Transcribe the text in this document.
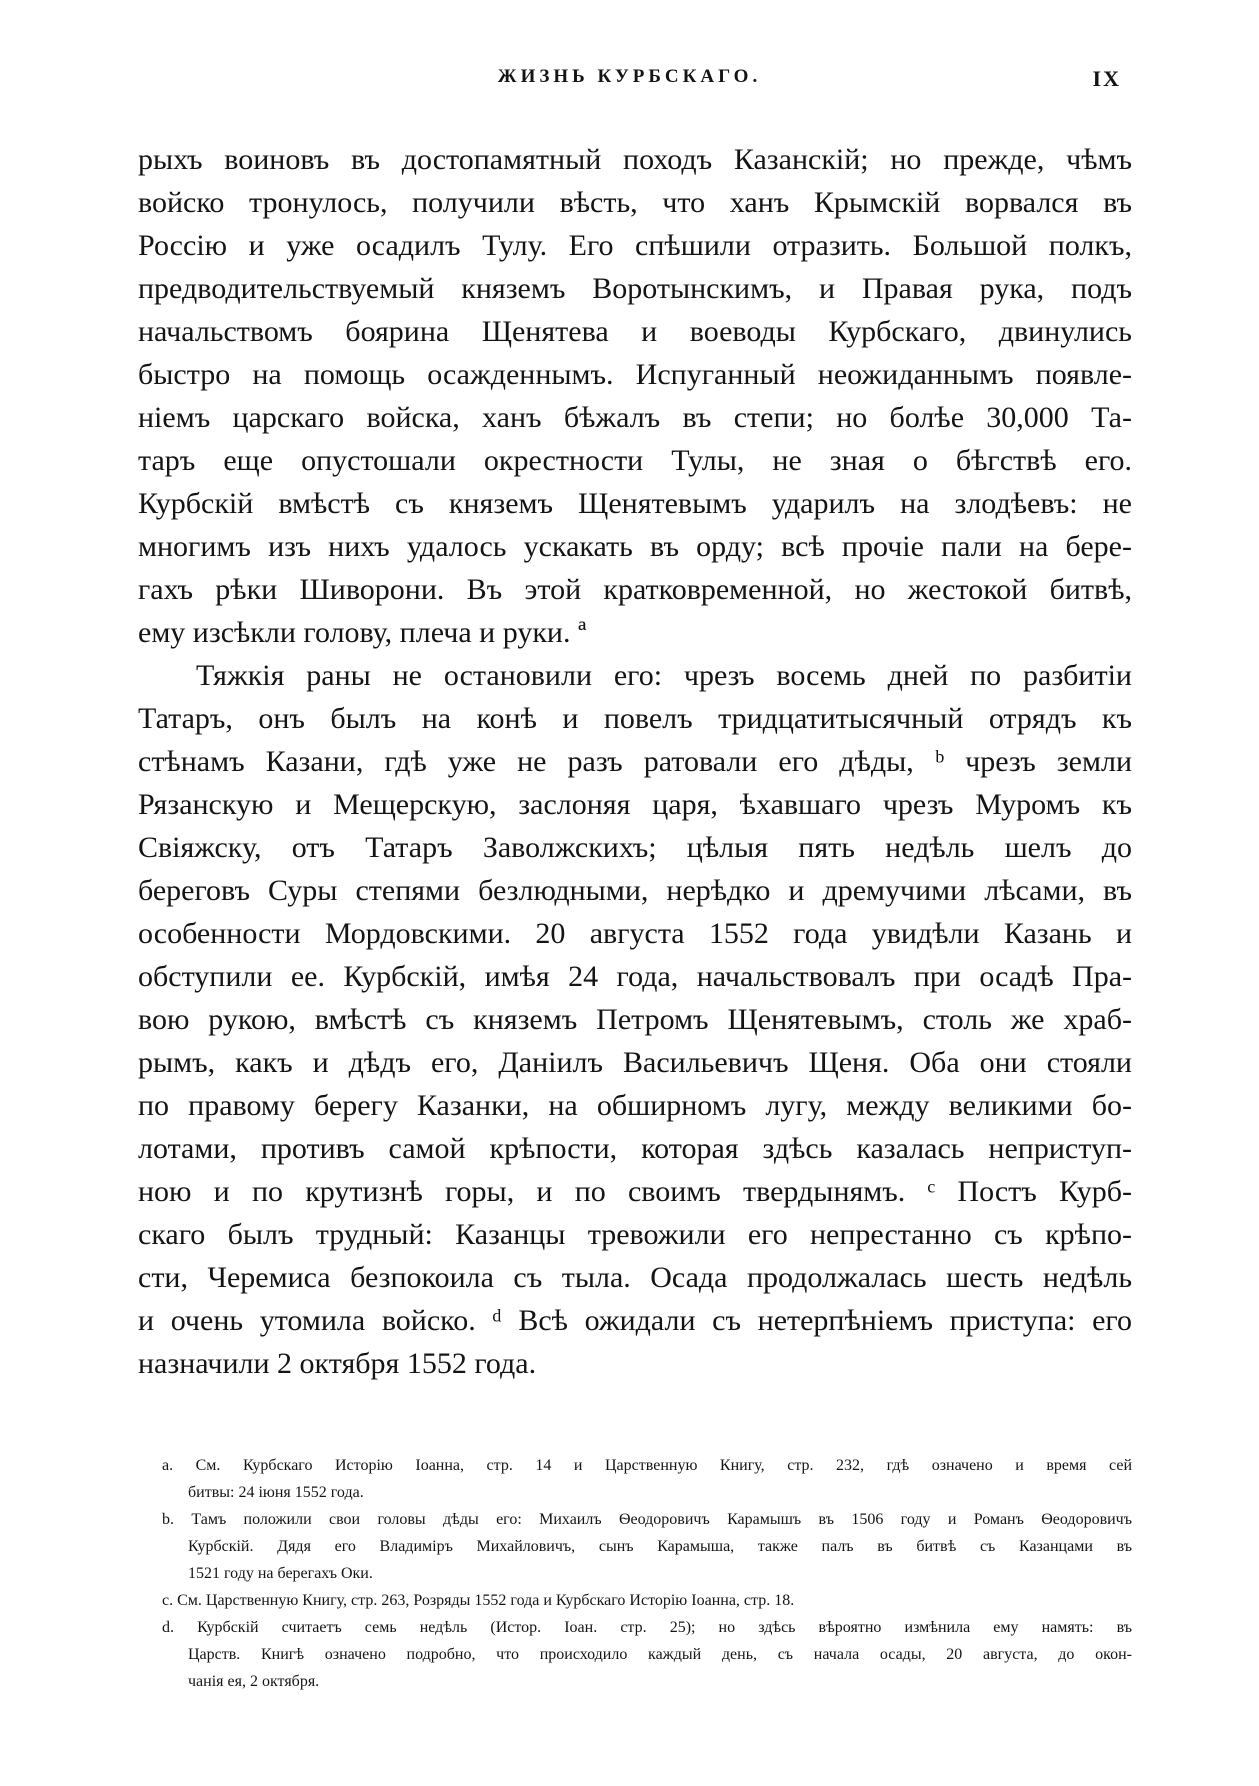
ЖИЗНЬ КУРБСКАГО.	IX
рыхъ воиновъ въ достопамятный походъ Казанскій; но прежде, чѣмъ
войско тронулось, получили вѣсть, что ханъ Крымскій ворвался въ
Россію и уже осадилъ Тулу. Его спѣшили отразить. Большой полкъ,
предводительствуемый княземъ Воротынскимъ, и Правая рука, подъ
начальствомъ боярина Щенятева и воеводы Курбскаго, двинулись
быстро на помощь осажденнымъ. Испуганный неожиданнымъ появле-
ніемъ царскаго войска, ханъ бѣжалъ въ степи; но болѣе 30,000 Та-
таръ еще опустошали окрестности Тулы, не зная о бѣгствѣ его.
Курбскій вмѣстѣ съ княземъ Щенятевымъ ударилъ на злодѣевъ: не
многимъ изъ нихъ удалось ускакать въ орду; всѣ прочіе пали на бере-
гахъ рѣки Шиворони. Въ этой кратковременной, но жестокой битвѣ,
ему изсѣкли голову, плеча и руки. ª
Тяжкія раны не остановили его: чрезъ восемь дней по разбитіи
Татаръ, онъ былъ на конѣ и повелъ тридцатитысячный отрядъ къ
стѣнамъ Казани, гдѣ уже не разъ ратовали его дѣды, ᵇ чрезъ земли
Рязанскую и Мещерскую, заслоняя царя, ѣхавшаго чрезъ Муромъ къ
Свіяжску, отъ Татаръ Заволжскихъ; цѣлыя пять недѣль шелъ до
береговъ Суры степями безлюдными, нерѣдко и дремучими лѣсами, въ
особенности Мордовскими. 20 августа 1552 года увидѣли Казань и
обступили ее. Курбскій, имѣя 24 года, начальствовалъ при осадѣ Пра-
вою рукою, вмѣстѣ съ княземъ Петромъ Щенятевымъ, столь же храб-
рымъ, какъ и дѣдъ его, Даніилъ Васильевичъ Щеня. Оба они стояли
по правому берегу Казанки, на обширномъ лугу, между великими бо-
лотами, противъ самой крѣпости, которая здѣсь казалась неприступ-
ною и по крутизнѣ горы, и по своимъ твердынямъ. ᶜ Постъ Курб-
скаго былъ трудный: Казанцы тревожили его непрестанно съ крѣпо-
сти, Черемиса безпокоила съ тыла. Осада продолжалась шесть недѣль
и очень утомила войско. ᵈ Всѣ ожидали съ нетерпѣніемъ приступа: его
назначили 2 октября 1552 года.
a. См. Курбскаго Исторію Іоанна, стр. 14 и Царственную Книгу, стр. 232, гдѣ означено и время сей
битвы: 24 іюня 1552 года.
b. Тамъ положили свои головы дѣды его: Михаилъ Ѳеодоровичъ Карамышъ въ 1506 году и Романъ Ѳеодоровичъ
Курбскій. Дядя его Владиміръ Михайловичъ, сынъ Карамыша, также палъ въ битвѣ съ Казанцами въ
1521 году на берегахъ Оки.
c. См. Царственную Книгу, стр. 263, Розряды 1552 года и Курбскаго Исторію Іоанна, стр. 18.
d. Курбскій считаетъ семь недѣль (Истор. Іоан. стр. 25); но здѣсь вѣроятно измѣнила ему намять: въ
Царств. Книгѣ означено подробно, что происходило каждый день, съ начала осады, 20 августа, до окон-
чанія ея, 2 октября.
